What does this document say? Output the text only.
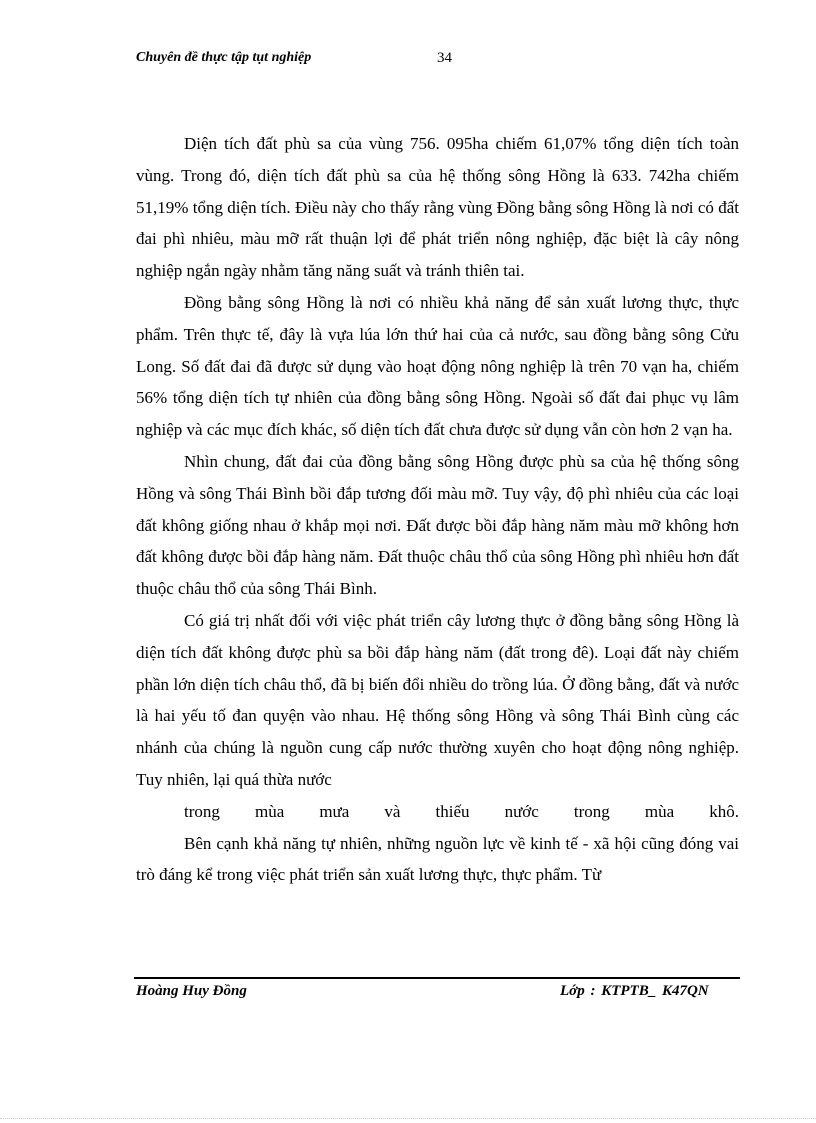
Chuyên đề thực tập tụt nghiệp	34

Diện tích đất phù sa của vùng 756. 095ha chiếm 61,07% tổng diện tích toàn vùng. Trong đó, diện tích đất phù sa của hệ thống sông Hồng là 633. 742ha chiếm 51,19% tổng diện tích. Điều này cho thấy rằng vùng Đồng bằng sông Hồng là nơi có đất đai phì nhiêu, màu mỡ rất thuận lợi để phát triển nông nghiệp, đặc biệt là cây nông nghiệp ngắn ngày nhằm tăng năng suất và tránh thiên tai.

Đồng bằng sông Hồng là nơi có nhiều khả năng để sản xuất lương thực, thực phẩm. Trên thực tế, đây là vựa lúa lớn thứ hai của cả nước, sau đồng bằng sông Cửu Long. Số đất đai đã được sử dụng vào hoạt động nông nghiệp là trên 70 vạn ha, chiếm 56% tổng diện tích tự nhiên của đồng bằng sông Hồng. Ngoài số đất đai phục vụ lâm nghiệp và các mục đích khác, số diện tích đất chưa được sử dụng vẫn còn hơn 2 vạn ha.

Nhìn chung, đất đai của đồng bằng sông Hồng được phù sa của hệ thống sông Hồng và sông Thái Bình bồi đắp tương đối màu mỡ. Tuy vậy, độ phì nhiêu của các loại đất không giống nhau ở khắp mọi nơi. Đất được bồi đắp hàng năm màu mỡ không hơn đất không được bồi đắp hàng năm. Đất thuộc châu thổ của sông Hồng phì nhiêu hơn đất thuộc châu thổ của sông Thái Bình.

Có giá trị nhất đối với việc phát triển cây lương thực ở đồng bằng sông Hồng là diện tích đất không được phù sa bồi đắp hàng năm (đất trong đê). Loại đất này chiếm phần lớn diện tích châu thổ, đã bị biến đổi nhiều do trồng lúa. Ở đồng bằng, đất và nước là hai yếu tố đan quyện vào nhau. Hệ thống sông Hồng và sông Thái Bình cùng các nhánh của chúng là nguồn cung cấp nước thường xuyên cho hoạt động nông nghiệp. Tuy nhiên, lại quá thừa nước

trong mùa mưa và thiếu nước trong mùa khô.

Bên cạnh khả năng tự nhiên, những nguồn lực về kinh tế - xã hội cũng đóng vai trò đáng kể trong việc phát triển sản xuất lương thực, thực phẩm. Từ

Hoàng Huy Đồng	Lớp : KTPTB_ K47QN
